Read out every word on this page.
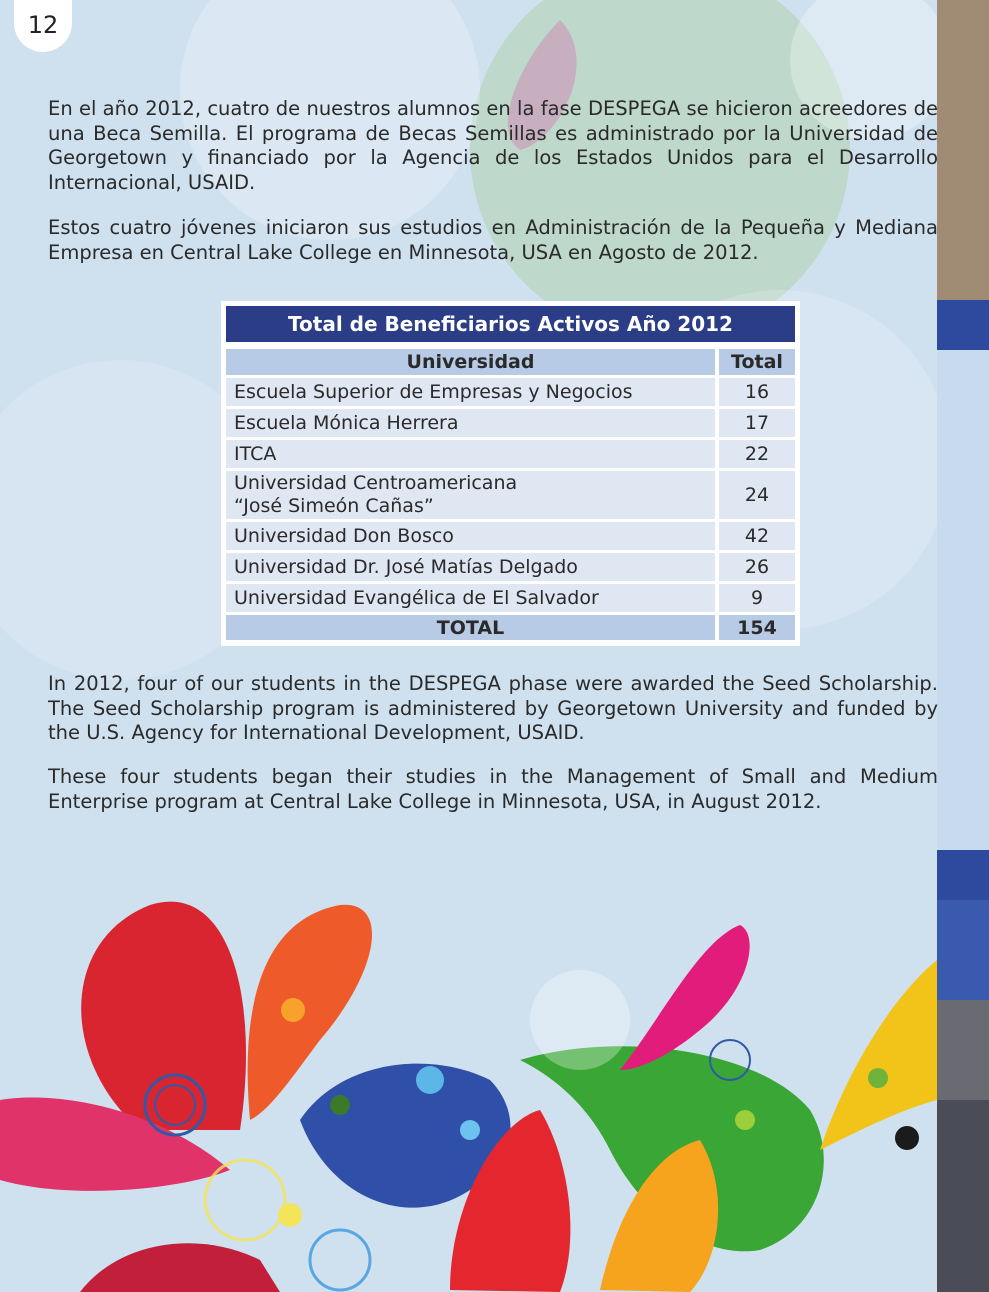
12

En el año 2012, cuatro de nuestros alumnos en la fase DESPEGA se hicieron acreedores de una Beca Semilla. El programa de Becas Semillas es administrado por la Universidad de Georgetown y financiado por la Agencia de los Estados Unidos para el Desarrollo Internacional, USAID.

Estos cuatro jóvenes iniciaron sus estudios en Administración de la Pequeña y Mediana Empresa en Central Lake College en Minnesota, USA en Agosto de 2012.

Total de Beneficiarios Activos Año 2012
Universidad	Total
Escuela Superior de Empresas y Negocios	16
Escuela Mónica Herrera	17
ITCA	22
Universidad Centroamericana
“José Simeón Cañas”	24
Universidad Don Bosco	42
Universidad Dr. José Matías Delgado	26
Universidad Evangélica de El Salvador	9
TOTAL	154

In 2012, four of our students in the DESPEGA phase were awarded the Seed Scholarship. The Seed Scholarship program is administered by Georgetown University and funded by the U.S. Agency for International Development, USAID.

These four students began their studies in the Management of Small and Medium Enterprise program at Central Lake College in Minnesota, USA, in August 2012.
